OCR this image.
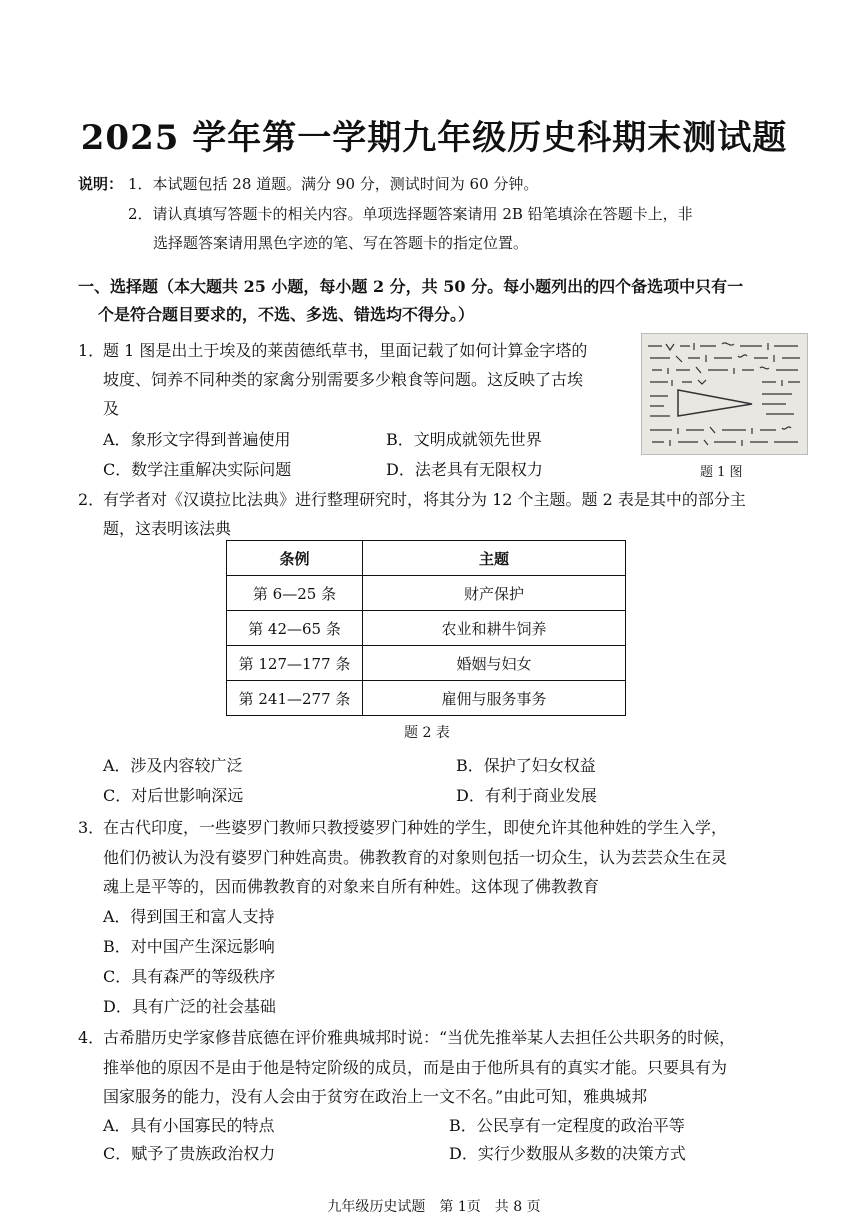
2025 学年第一学期九年级历史科期末测试题
说明： 1．本试题包括 28 道题。满分 90 分，测试时间为 60 分钟。
2．请认真填写答题卡的相关内容。单项选择题答案请用 2B 铅笔填涂在答题卡上，非
选择题答案请用黑色字迹的笔、写在答题卡的指定位置。
一、选择题（本大题共 25 小题，每小题 2 分，共 50 分。每小题列出的四个备选项中只有一
个是符合题目要求的，不选、多选、错选均不得分。）
1．
题 1 图是出土于埃及的莱茵德纸草书，里面记载了如何计算金字塔的
坡度、饲养不同种类的家禽分别需要多少粮食等问题。这反映了古埃
及
A．象形文字得到普遍使用	B．文明成就领先世界
C．数学注重解决实际问题	D．法老具有无限权力	题 1 图
2．
有学者对《汉谟拉比法典》进行整理研究时，将其分为 12 个主题。题 2 表是其中的部分主
题，这表明该法典
条例	主题
第 6—25 条	财产保护
第 42—65 条	农业和耕牛饲养
第 127—177 条	婚姻与妇女
第 241—277 条	雇佣与服务事务
题 2 表
A．涉及内容较广泛	B．保护了妇女权益
C．对后世影响深远	D．有利于商业发展
3．
在古代印度，一些婆罗门教师只教授婆罗门种姓的学生，即使允许其他种姓的学生入学，
他们仍被认为没有婆罗门种姓高贵。佛教教育的对象则包括一切众生，认为芸芸众生在灵
魂上是平等的，因而佛教教育的对象来自所有种姓。这体现了佛教教育
A．得到国王和富人支持
B．对中国产生深远影响
C．具有森严的等级秩序
D．具有广泛的社会基础
4．
古希腊历史学家修昔底德在评价雅典城邦时说：“当优先推举某人去担任公共职务的时候，
推举他的原因不是由于他是特定阶级的成员，而是由于他所具有的真实才能。只要具有为
国家服务的能力，没有人会由于贫穷在政治上一文不名。”由此可知，雅典城邦
A．具有小国寡民的特点	B．公民享有一定程度的政治平等
C．赋予了贵族政治权力	D．实行少数服从多数的决策方式
九年级历史试题　第 1页　共 8 页
